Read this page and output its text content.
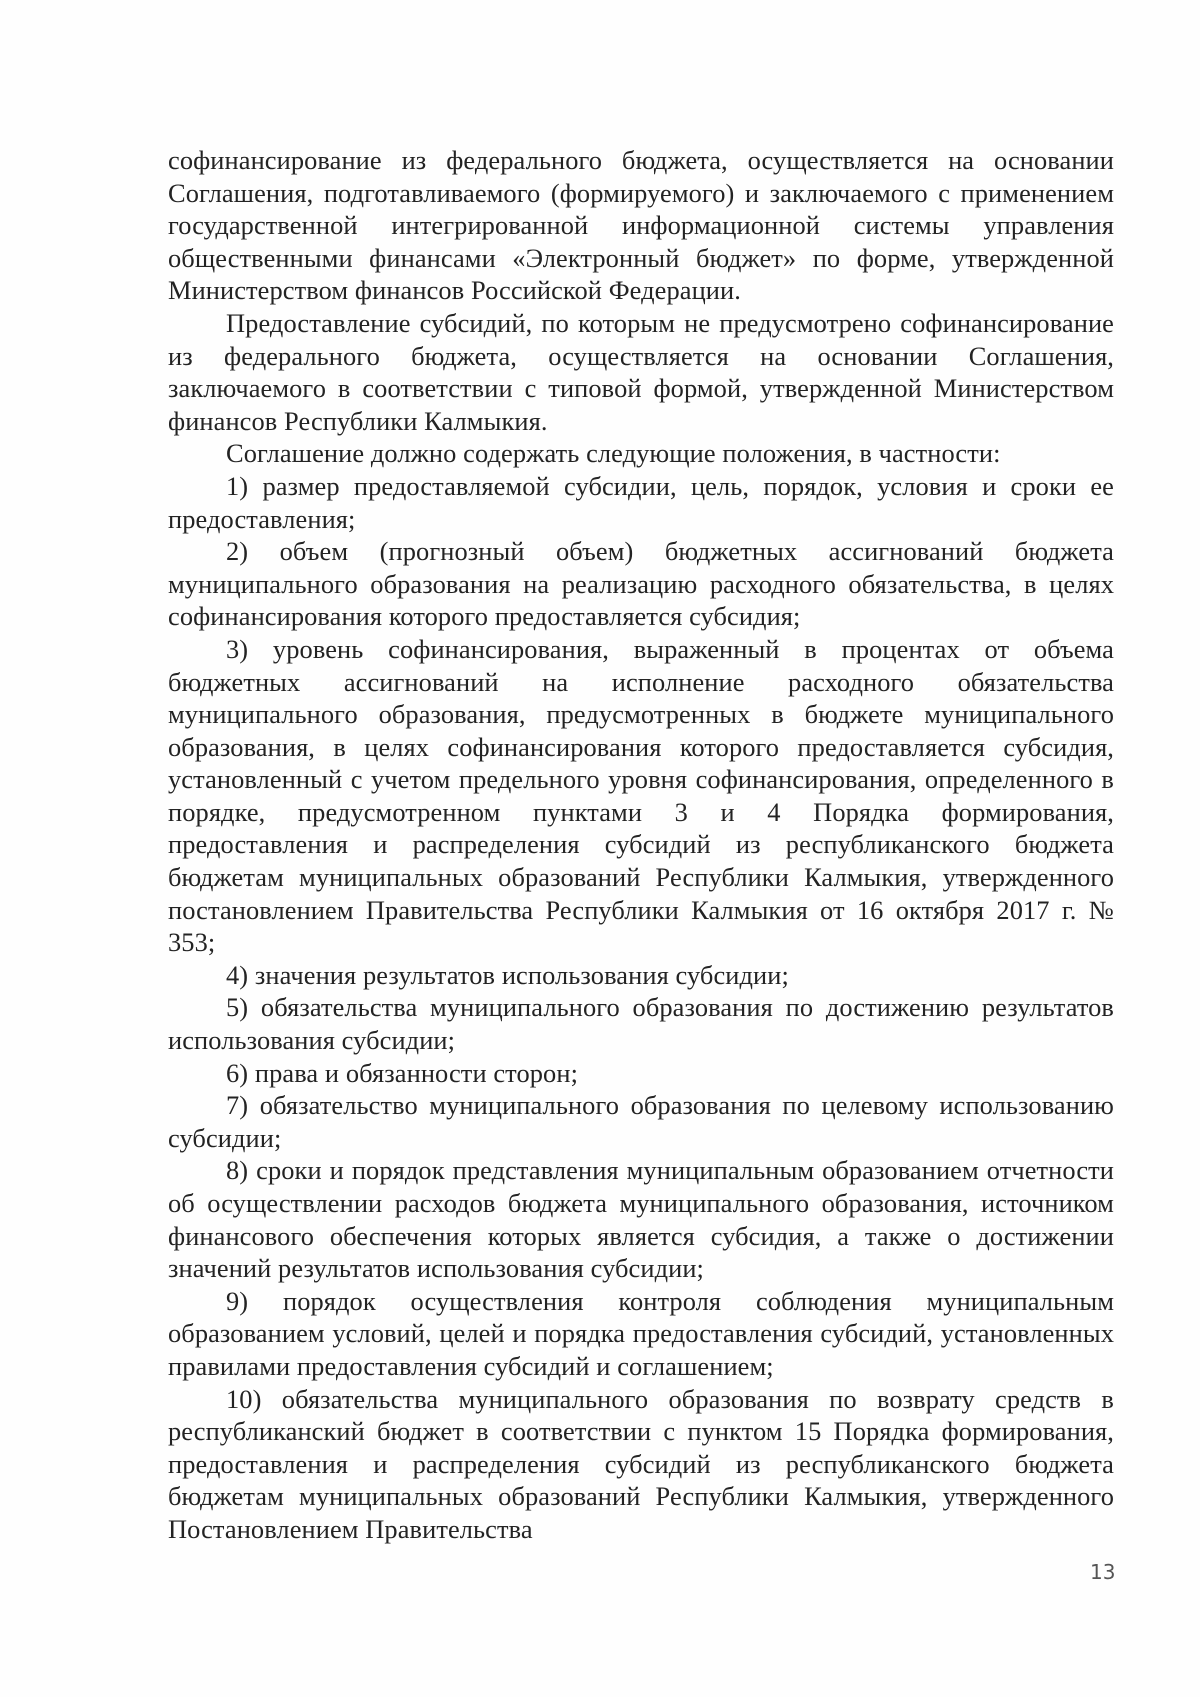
софинансирование из федерального бюджета, осуществляется на основании Соглашения, подготавливаемого (формируемого) и заключаемого с применением государственной интегрированной информационной системы управления общественными финансами «Электронный бюджет» по форме, утвержденной Министерством финансов Российской Федерации.

Предоставление субсидий, по которым не предусмотрено софинансирование из федерального бюджета, осуществляется на основании Соглашения, заключаемого в соответствии с типовой формой, утвержденной Министерством финансов Республики Калмыкия.

Соглашение должно содержать следующие положения, в частности:

1) размер предоставляемой субсидии, цель, порядок, условия и сроки ее предоставления;

2) объем (прогнозный объем) бюджетных ассигнований бюджета муниципального образования на реализацию расходного обязательства, в целях софинансирования которого предоставляется субсидия;

3) уровень софинансирования, выраженный в процентах от объема бюджетных ассигнований на исполнение расходного обязательства муниципального образования, предусмотренных в бюджете муниципального образования, в целях софинансирования которого предоставляется субсидия, установленный с учетом предельного уровня софинансирования, определенного в порядке, предусмотренном пунктами 3 и 4 Порядка формирования, предоставления и распределения субсидий из республиканского бюджета бюджетам муниципальных образований Республики Калмыкия, утвержденного постановлением Правительства Республики Калмыкия от 16 октября 2017 г. № 353;

4) значения результатов использования субсидии;

5) обязательства муниципального образования по достижению результатов использования субсидии;

6) права и обязанности сторон;

7) обязательство муниципального образования по целевому использованию субсидии;

8) сроки и порядок представления муниципальным образованием отчетности об осуществлении расходов бюджета муниципального образования, источником финансового обеспечения которых является субсидия, а также о достижении значений результатов использования субсидии;

9) порядок осуществления контроля соблюдения муниципальным образованием условий, целей и порядка предоставления субсидий, установленных правилами предоставления субсидий и соглашением;

10) обязательства муниципального образования по возврату средств в республиканский бюджет в соответствии с пунктом 15 Порядка формирования, предоставления и распределения субсидий из республиканского бюджета бюджетам муниципальных образований Республики Калмыкия, утвержденного Постановлением Правительства

13
